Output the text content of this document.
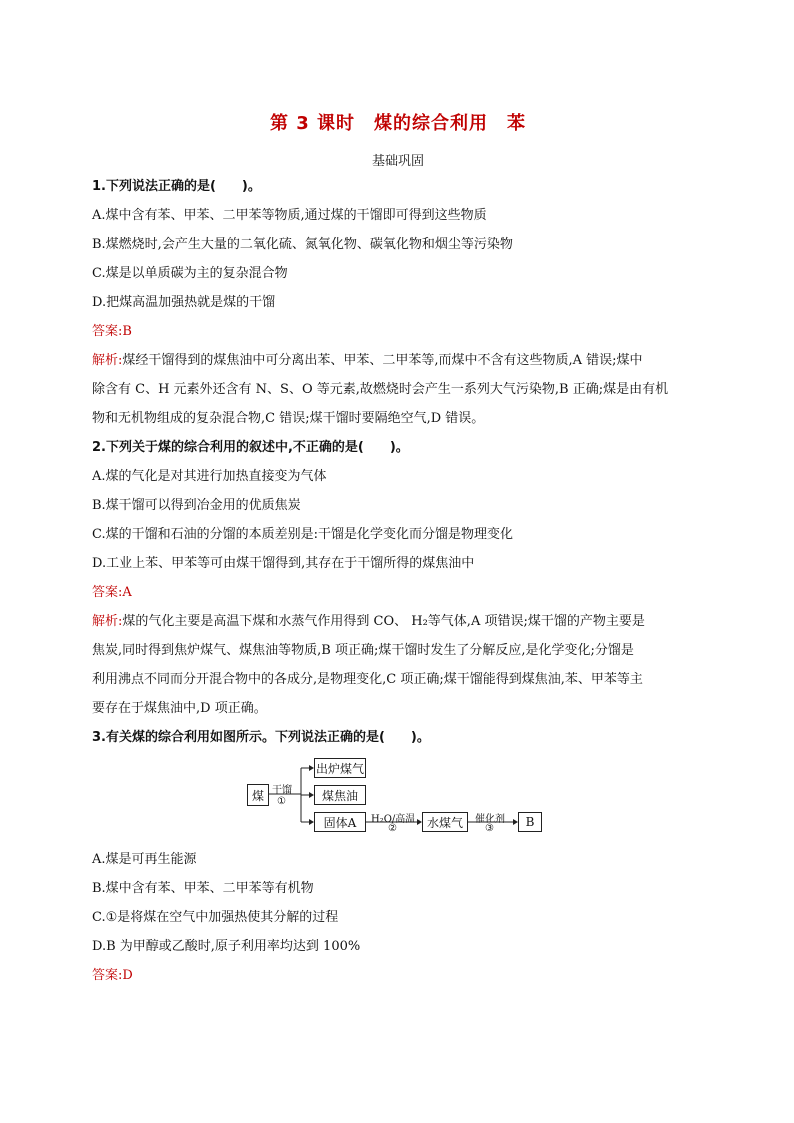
第 3 课时　煤的综合利用　苯
基础巩固
1.下列说法正确的是(　　)。
A.煤中含有苯、甲苯、二甲苯等物质,通过煤的干馏即可得到这些物质
B.煤燃烧时,会产生大量的二氧化硫、氮氧化物、碳氧化物和烟尘等污染物
C.煤是以单质碳为主的复杂混合物
D.把煤高温加强热就是煤的干馏
答案:B
解析:煤经干馏得到的煤焦油中可分离出苯、甲苯、二甲苯等,而煤中不含有这些物质,A 错误;煤中
除含有 C、H 元素外还含有 N、S、O 等元素,故燃烧时会产生一系列大气污染物,B 正确;煤是由有机
物和无机物组成的复杂混合物,C 错误;煤干馏时要隔绝空气,D 错误。
2.下列关于煤的综合利用的叙述中,不正确的是(　　)。
A.煤的气化是对其进行加热直接变为气体
B.煤干馏可以得到冶金用的优质焦炭
C.煤的干馏和石油的分馏的本质差别是:干馏是化学变化而分馏是物理变化
D.工业上苯、甲苯等可由煤干馏得到,其存在于干馏所得的煤焦油中
答案:A
解析:煤的气化主要是高温下煤和水蒸气作用得到 CO、 H₂等气体,A 项错误;煤干馏的产物主要是
焦炭,同时得到焦炉煤气、煤焦油等物质,B 项正确;煤干馏时发生了分解反应,是化学变化;分馏是
利用沸点不同而分开混合物中的各成分,是物理变化,C 项正确;煤干馏能得到煤焦油,苯、甲苯等主
要存在于煤焦油中,D 项正确。
3.有关煤的综合利用如图所示。下列说法正确的是(　　)。
煤 干馏
①
出炉煤气
煤焦油
固体A	H₂O/高温
②	水煤气	催化剂
③	B
A.煤是可再生能源
B.煤中含有苯、甲苯、二甲苯等有机物
C.①是将煤在空气中加强热使其分解的过程
D.B 为甲醇或乙酸时,原子利用率均达到 100%
答案:D
